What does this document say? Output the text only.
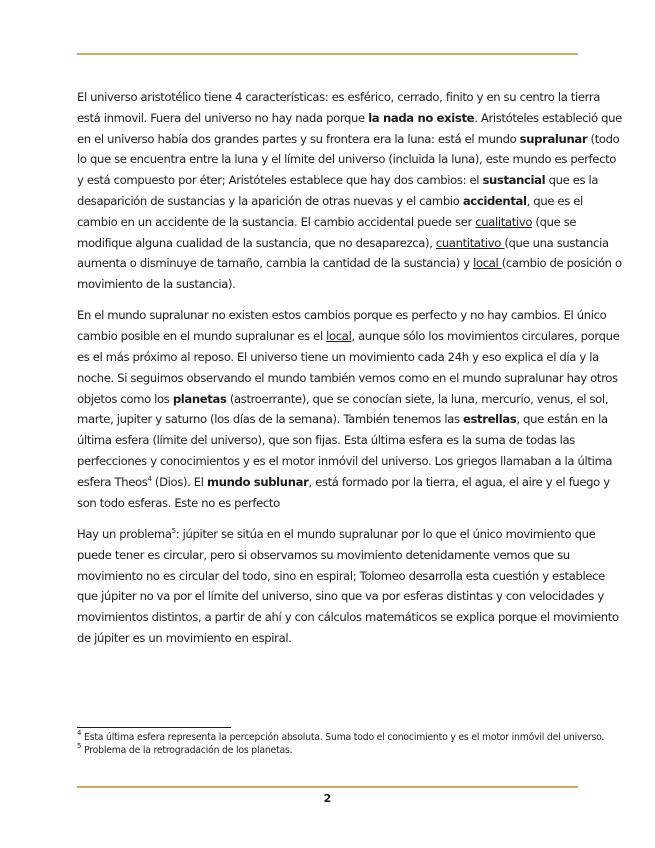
El universo aristotélico tiene 4 características: es esférico, cerrado, finito y en su centro la tierra está inmovil. Fuera del universo no hay nada porque la nada no existe. Aristóteles estableció que en el universo había dos grandes partes y su frontera era la luna: está el mundo supralunar (todo lo que se encuentra entre la luna y el límite del universo (incluida la luna), este mundo es perfecto y está compuesto por éter; Aristóteles establece que hay dos cambios: el sustancial que es la desaparición de sustancias y la aparición de otras nuevas y el cambio accidental, que es el cambio en un accidente de la sustancia. El cambio accidental puede ser cualitativo (que se modifique alguna cualidad de la sustancia, que no desaparezca), cuantitativo (que una sustancia aumenta o disminuye de tamaño, cambia la cantidad de la sustancia) y local (cambio de posición o movimiento de la sustancia).

En el mundo supralunar no existen estos cambios porque es perfecto y no hay cambios. El único cambio posible en el mundo supralunar es el local, aunque sólo los movimientos circulares, porque es el más próximo al reposo. El universo tiene un movimiento cada 24h y eso explica el día y la noche. Si seguimos observando el mundo también vemos como en el mundo supralunar hay otros objetos como los planetas (astroerrante), que se conocían siete, la luna, mercurio, venus, el sol, marte, jupiter y saturno (los días de la semana). También tenemos las estrellas, que están en la última esfera (límite del universo), que son fijas. Esta última esfera es la suma de todas las perfecciones y conocimientos y es el motor inmóvil del universo. Los griegos llamaban a la última esfera Theos$^4$ (Dios). El mundo sublunar, está formado por la tierra, el agua, el aire y el fuego y son todo esferas. Este no es perfecto

Hay un problema$^5$: júpiter se sitúa en el mundo supralunar por lo que el único movimiento que puede tener es circular, pero si observamos su movimiento detenidamente vemos que su movimiento no es circular del todo, sino en espiral; Tolomeo desarrolla esta cuestión y establece que júpiter no va por el límite del universo, sino que va por esferas distintas y con velocidades y movimientos distintos, a partir de ahí y con cálculos matemáticos se explica porque el movimiento de júpiter es un movimiento en espiral.

$^4$ Esta última esfera representa la percepción absoluta. Suma todo el conocimiento y es el motor inmóvil del universo.

$^5$ Problema de la retrogradación de los planetas.

2
